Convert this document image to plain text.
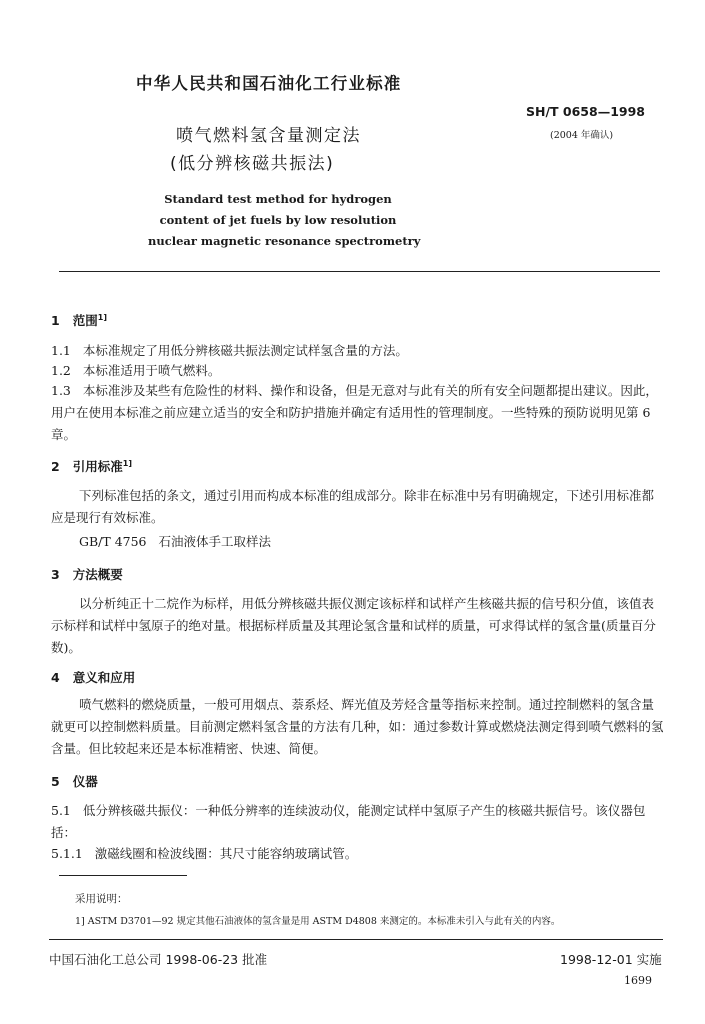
中华人民共和国石油化工行业标准
SH/T 0658—1998
(2004 年确认)
喷气燃料氢含量测定法
(低分辨核磁共振法)
Standard test method for hydrogen
content of jet fuels by low resolution
nuclear magnetic resonance spectrometry
1 范围$^{1]}$
1.1 本标准规定了用低分辨核磁共振法测定试样氢含量的方法。
1.2 本标准适用于喷气燃料。
1.3 本标准涉及某些有危险性的材料、操作和设备，但是无意对与此有关的所有安全问题都提出建议。因此，用户在使用本标准之前应建立适当的安全和防护措施并确定有适用性的管理制度。一些特殊的预防说明见第 6 章。
2 引用标准$^{1]}$
下列标准包括的条文，通过引用而构成本标准的组成部分。除非在标准中另有明确规定，下述引用标准都应是现行有效标准。
GB/T 4756 石油液体手工取样法
3 方法概要
以分析纯正十二烷作为标样，用低分辨核磁共振仪测定该标样和试样产生核磁共振的信号积分值，该值表示标样和试样中氢原子的绝对量。根据标样质量及其理论氢含量和试样的质量，可求得试样的氢含量(质量百分数)。
4 意义和应用
喷气燃料的燃烧质量，一般可用烟点、萘系烃、辉光值及芳烃含量等指标来控制。通过控制燃料的氢含量就更可以控制燃料质量。目前测定燃料氢含量的方法有几种，如：通过参数计算或燃烧法测定得到喷气燃料的氢含量。但比较起来还是本标准精密、快速、简便。
5 仪器
5.1 低分辨核磁共振仪：一种低分辨率的连续波动仪，能测定试样中氢原子产生的核磁共振信号。该仪器包括：
5.1.1 激磁线圈和检波线圈：其尺寸能容纳玻璃试管。
采用说明：
1] ASTM D3701—92 规定其他石油液体的氢含量是用 ASTM D4808 来测定的。本标准未引入与此有关的内容。
中国石油化工总公司 1998-06-23 批准	1998-12-01 实施
1699
